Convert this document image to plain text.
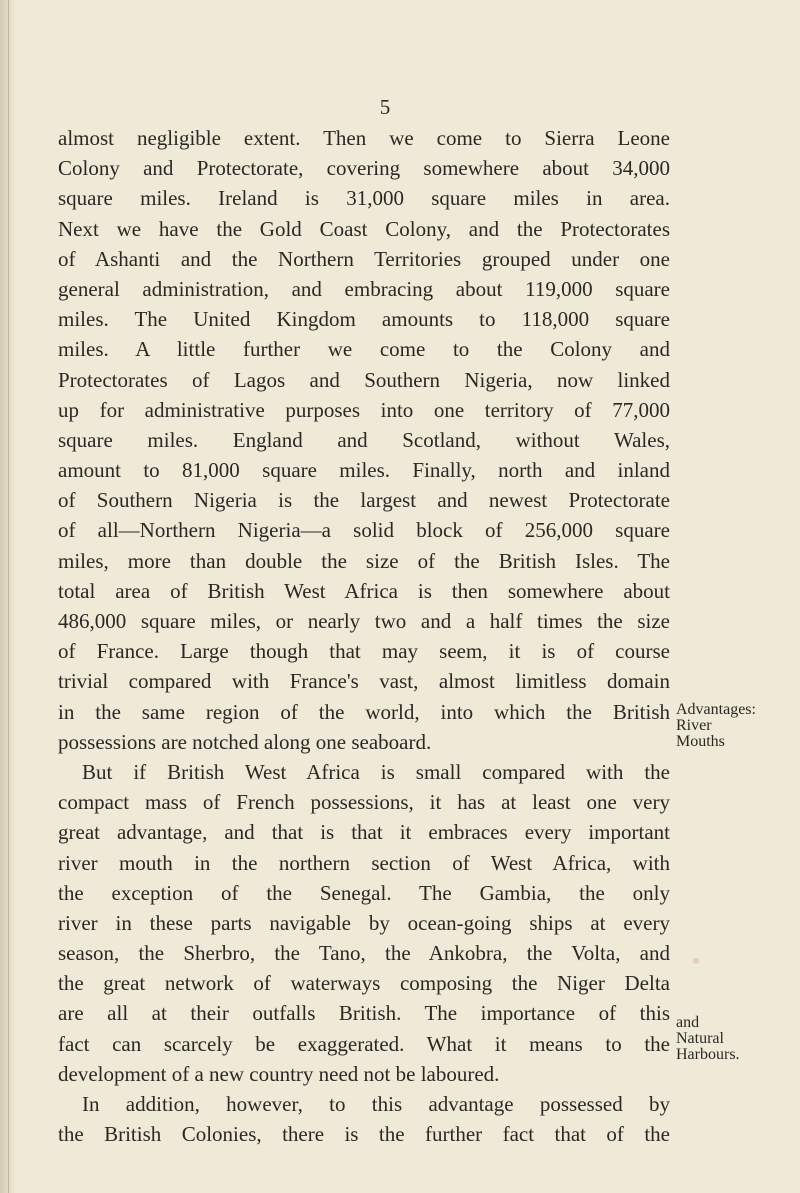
5
almost negligible extent. Then we come to Sierra Leone
Colony and Protectorate, covering somewhere about 34,000
square miles. Ireland is 31,000 square miles in area.
Next we have the Gold Coast Colony, and the Protectorates
of Ashanti and the Northern Territories grouped under one
general administration, and embracing about 119,000 square
miles. The United Kingdom amounts to 118,000 square
miles. A little further we come to the Colony and
Protectorates of Lagos and Southern Nigeria, now linked
up for administrative purposes into one territory of 77,000
square miles. England and Scotland, without Wales,
amount to 81,000 square miles. Finally, north and inland
of Southern Nigeria is the largest and newest Protectorate
of all—Northern Nigeria—a solid block of 256,000 square
miles, more than double the size of the British Isles. The
total area of British West Africa is then somewhere about
486,000 square miles, or nearly two and a half times the size
of France. Large though that may seem, it is of course
trivial compared with France's vast, almost limitless domain
in the same region of the world, into which the British
possessions are notched along one seaboard.
But if British West Africa is small compared with the
compact mass of French possessions, it has at least one very
great advantage, and that is that it embraces every important
river mouth in the northern section of West Africa, with
the exception of the Senegal. The Gambia, the only
river in these parts navigable by ocean-going ships at every
season, the Sherbro, the Tano, the Ankobra, the Volta, and
the great network of waterways composing the Niger Delta
are all at their outfalls British. The importance of this
fact can scarcely be exaggerated. What it means to the
development of a new country need not be laboured.
In addition, however, to this advantage possessed by
the British Colonies, there is the further fact that of the
Advantages:
River
Mouths
and
Natural
Harbours.
